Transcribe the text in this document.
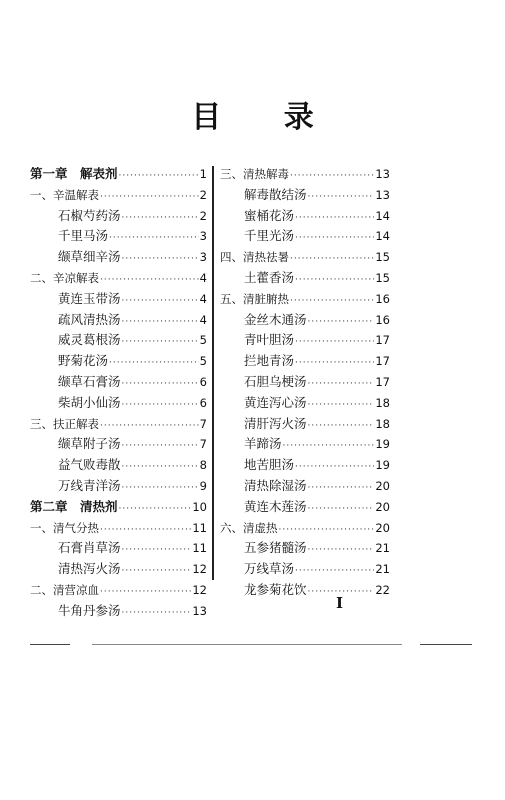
目 录
第一章　解表剂 ·····	1
一、辛温解表 ·····	2
石椒芍药汤 ·····	2
千里马汤 ·····	3
缬草细辛汤 ·····	3
二、辛凉解表 ·····	4
黄连玉带汤 ·····	4
疏风清热汤 ·····	4
威灵葛根汤 ·····	5
野菊花汤 ·····	5
缬草石膏汤 ·····	6
柴胡小仙汤 ·····	6
三、扶正解表 ·····	7
缬草附子汤 ·····	7
益气败毒散 ·····	8
万线青洋汤 ·····	9
第二章　清热剂 ·····	10
一、清气分热 ·····	11
石膏肖草汤 ·····	11
清热泻火汤 ·····	12
二、清营凉血 ·····	12
牛角丹参汤 ·····	13
三、清热解毒 ·····	13
解毒散结汤 ·····	13
蜜桶花汤 ·····	14
千里光汤 ·····	14
四、清热祛暑 ·····	15
土藿香汤 ·····	15
五、清脏腑热 ·····	16
金丝木通汤 ·····	16
青叶胆汤 ·····	17
拦地青汤 ·····	17
石胆乌梗汤 ·····	17
黄连泻心汤 ·····	18
清肝泻火汤 ·····	18
羊蹄汤 ·····	19
地苦胆汤 ·····	19
清热除湿汤 ·····	20
黄连木莲汤 ·····	20
六、清虚热 ·····	20
五参猪髓汤 ·····	21
万线草汤 ·····	21
龙参菊花饮 ·····	22
I
